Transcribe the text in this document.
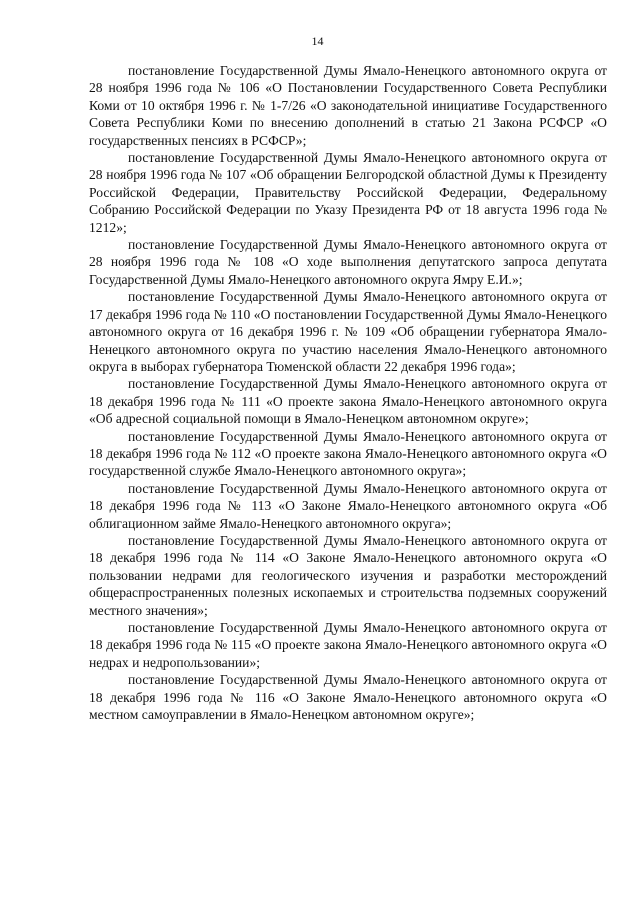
14

постановление Государственной Думы Ямало-Ненецкого автономного округа от 28 ноября 1996 года № 106 «О Постановлении Государственного Совета Республики Коми от 10 октября 1996 г. № 1-7/26 «О законодательной инициативе Государственного Совета Республики Коми по внесению дополнений в статью 21 Закона РСФСР «О государственных пенсиях в РСФСР»;

постановление Государственной Думы Ямало-Ненецкого автономного округа от 28 ноября 1996 года № 107 «Об обращении Белгородской областной Думы к Президенту Российской Федерации, Правительству Российской Федерации, Федеральному Собранию Российской Федерации по Указу Президента РФ от 18 августа 1996 года № 1212»;

постановление Государственной Думы Ямало-Ненецкого автономного округа от 28 ноября 1996 года № 108 «О ходе выполнения депутатского запроса депутата Государственной Думы Ямало-Ненецкого автономного округа Ямру Е.И.»;

постановление Государственной Думы Ямало-Ненецкого автономного округа от 17 декабря 1996 года № 110 «О постановлении Государственной Думы Ямало-Ненецкого автономного округа от 16 декабря 1996 г. № 109 «Об обращении губернатора Ямало-Ненецкого автономного округа по участию населения Ямало-Ненецкого автономного округа в выборах губернатора Тюменской области 22 декабря 1996 года»;

постановление Государственной Думы Ямало-Ненецкого автономного округа от 18 декабря 1996 года № 111 «О проекте закона Ямало-Ненецкого автономного округа «Об адресной социальной помощи в Ямало-Ненецком автономном округе»;

постановление Государственной Думы Ямало-Ненецкого автономного округа от 18 декабря 1996 года № 112 «О проекте закона Ямало-Ненецкого автономного округа «О государственной службе Ямало-Ненецкого автономного округа»;

постановление Государственной Думы Ямало-Ненецкого автономного округа от 18 декабря 1996 года № 113 «О Законе Ямало-Ненецкого автономного округа «Об облигационном займе Ямало-Ненецкого автономного округа»;

постановление Государственной Думы Ямало-Ненецкого автономного округа от 18 декабря 1996 года № 114 «О Законе Ямало-Ненецкого автономного округа «О пользовании недрами для геологического изучения и разработки месторождений общераспространенных полезных ископаемых и строительства подземных сооружений местного значения»;

постановление Государственной Думы Ямало-Ненецкого автономного округа от 18 декабря 1996 года № 115 «О проекте закона Ямало-Ненецкого автономного округа «О недрах и недропользовании»;

постановление Государственной Думы Ямало-Ненецкого автономного округа от 18 декабря 1996 года № 116 «О Законе Ямало-Ненецкого автономного округа «О местном самоуправлении в Ямало-Ненецком автономном округе»;
